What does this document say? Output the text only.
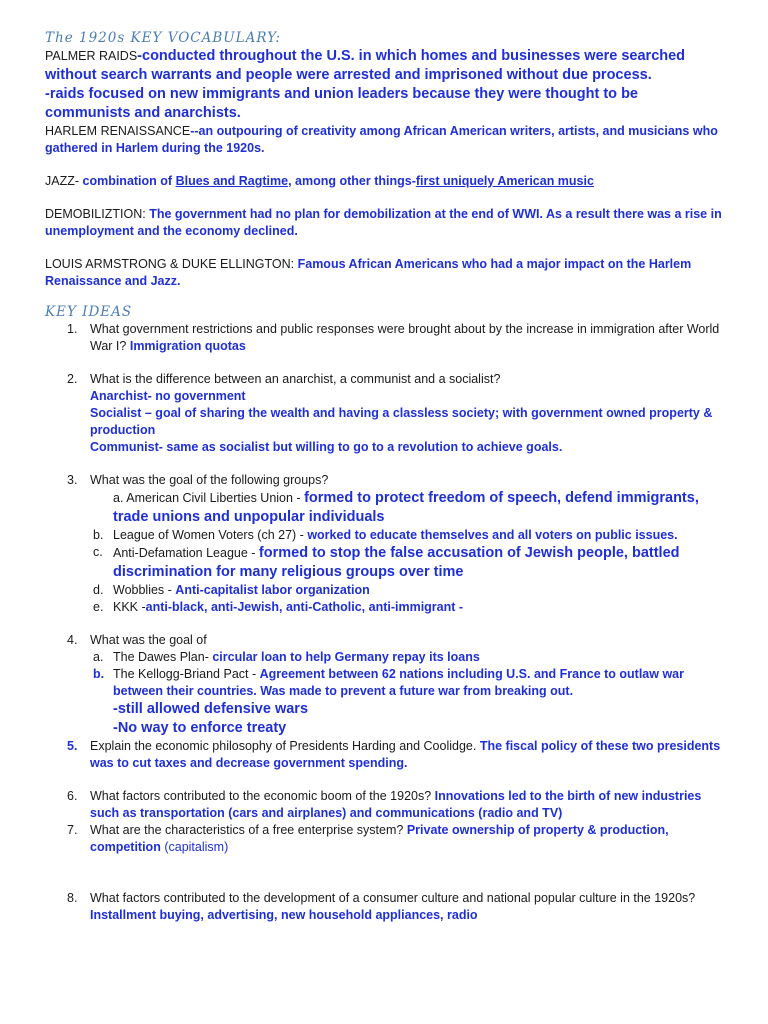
The 1920s KEY VOCABULARY:
PALMER RAIDS-conducted throughout the U.S. in which homes and businesses were searched without search warrants and people were arrested and imprisoned without due process.
-raids focused on new immigrants and union leaders because they were thought to be communists and anarchists.
HARLEM RENAISSANCE--an outpouring of creativity among African American writers, artists, and musicians who gathered in Harlem during the 1920s.
JAZZ- combination of Blues and Ragtime, among other things-first uniquely American music
DEMOBILIZTION: The government had no plan for demobilization at the end of WWI. As a result there was a rise in unemployment and the economy declined.
LOUIS ARMSTRONG & DUKE ELLINGTON: Famous African Americans who had a major impact on the Harlem Renaissance and Jazz.
KEY IDEAS
1. What government restrictions and public responses were brought about by the increase in immigration after World War I? Immigration quotas
2. What is the difference between an anarchist, a communist and a socialist?
Anarchist- no government
Socialist – goal of sharing the wealth and having a classless society; with government owned property & production
Communist- same as socialist but willing to go to a revolution to achieve goals.
3. What was the goal of the following groups?
a. American Civil Liberties Union - formed to protect freedom of speech, defend immigrants, trade unions and unpopular individuals
b. League of Women Voters (ch 27) - worked to educate themselves and all voters on public issues.
c. Anti-Defamation League - formed to stop the false accusation of Jewish people, battled discrimination for many religious groups over time
d. Wobblies - Anti-capitalist labor organization
e. KKK -anti-black, anti-Jewish, anti-Catholic, anti-immigrant -
4. What was the goal of
a. The Dawes Plan- circular loan to help Germany repay its loans
b. The Kellogg-Briand Pact - Agreement between 62 nations including U.S. and France to outlaw war between their countries. Was made to prevent a future war from breaking out.
-still allowed defensive wars
-No way to enforce treaty
5. Explain the economic philosophy of Presidents Harding and Coolidge. The fiscal policy of these two presidents was to cut taxes and decrease government spending.
6. What factors contributed to the economic boom of the 1920s? Innovations led to the birth of new industries such as transportation (cars and airplanes) and communications (radio and TV)
7. What are the characteristics of a free enterprise system? Private ownership of property & production, competition (capitalism)
8. What factors contributed to the development of a consumer culture and national popular culture in the 1920s?
Installment buying, advertising, new household appliances, radio
